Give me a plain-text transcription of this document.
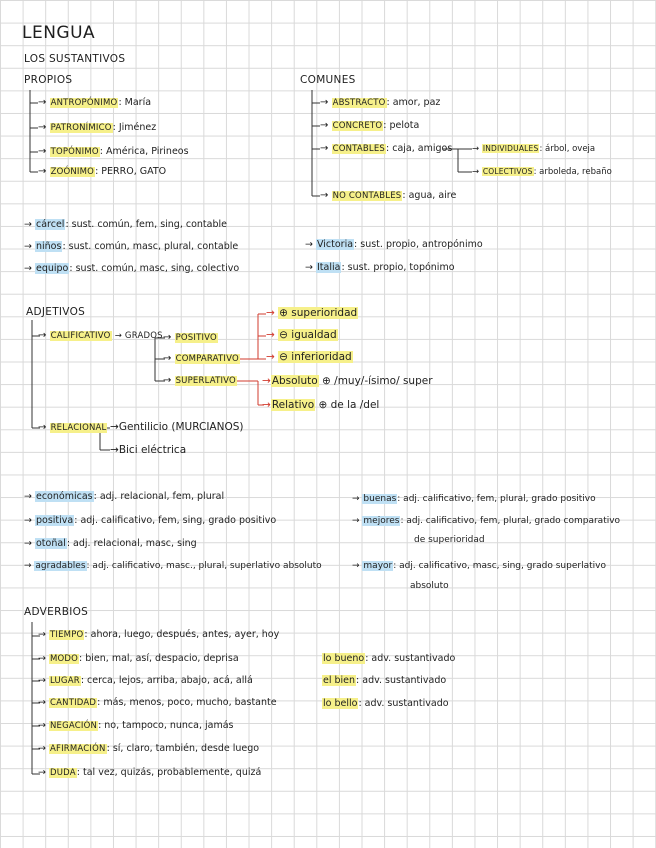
LENGUA
LOS SUSTANTIVOS
PROPIOS	COMUNES
→ ANTROPÓNIMO: María
→ PATRONÍMICO: Jiménez
→ TOPÓNIMO: América, Pirineos
→ ZOÓNIMO: PERRO, GATO
→ ABSTRACTO: amor, paz
→ CONCRETO: pelota
→ CONTABLES: caja, amigos
→ NO CONTABLES: agua, aire
→ INDIVIDUALES: árbol, oveja
→ COLECTIVOS: arboleda, rebaño
→ cárcel: sust. común, fem, sing, contable
→ niños: sust. común, masc, plural, contable
→ equipo: sust. común, masc, sing, colectivo
→ Victoria: sust. propio, antropónimo
→ Italia: sust. propio, topónimo
ADJETIVOS
→ CALIFICATIVO → GRADOS → POSITIVO
→ COMPARATIVO
→ SUPERLATIVO
→ ⊕ superioridad
→ ⊖ igualdad
→ ⊖ inferioridad
→Absoluto ⊕ /muy/-ísimo/ super
→Relativo ⊕ de la /del
→ RELACIONAL →Gentilicio (MURCIANOS)
→Bici eléctrica
→ económicas: adj. relacional, fem, plural
→ positiva: adj. calificativo, fem, sing, grado positivo
→ otoñal: adj. relacional, masc, sing
→ agradables: adj. calificativo, masc., plural, superlativo absoluto
→ buenas: adj. calificativo, fem, plural, grado positivo
→ mejores: adj. calificativo, fem, plural, grado comparativo
de superioridad
→ mayor: adj. calificativo, masc, sing, grado superlativo
absoluto
ADVERBIOS
→ TIEMPO: ahora, luego, después, antes, ayer, hoy
→ MODO: bien, mal, así, despacio, deprisa
→ LUGAR: cerca, lejos, arriba, abajo, acá, allá
→ CANTIDAD: más, menos, poco, mucho, bastante
→ NEGACIÓN: no, tampoco, nunca, jamás
→ AFIRMACIÓN: sí, claro, también, desde luego
→ DUDA: tal vez, quizás, probablemente, quizá
lo bueno: adv. sustantivado
el bien: adv. sustantivado
lo bello: adv. sustantivado
